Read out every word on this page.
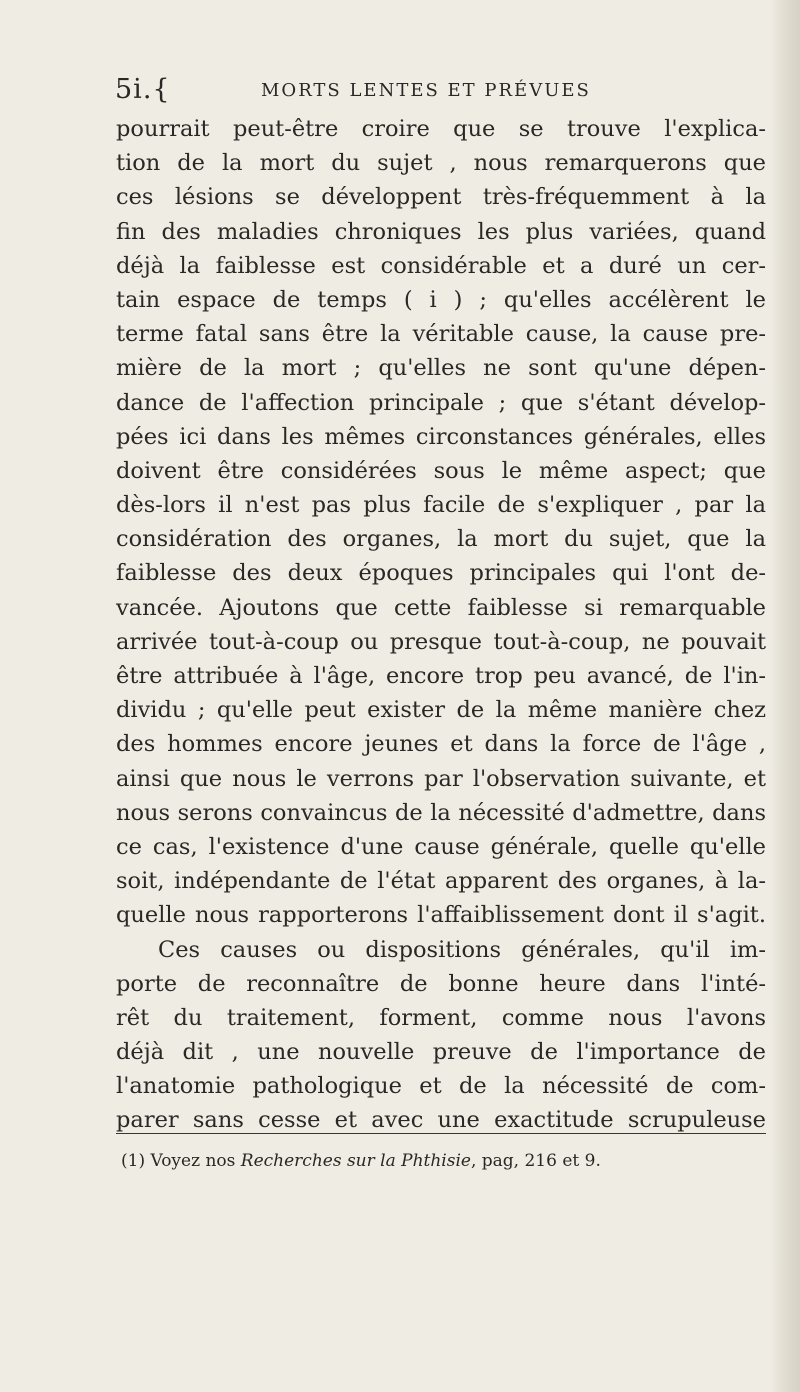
5i.{	MORTS LENTES ET PRÉVUES
pourrait peut-être croire que se trouve l'explica-
tion de la mort du sujet , nous remarquerons que
ces lésions se développent très-fréquemment à la
fin des maladies chroniques les plus variées, quand
déjà la faiblesse est considérable et a duré un cer-
tain espace de temps ( i ) ; qu'elles accélèrent le
terme fatal sans être la véritable cause, la cause pre-
mière de la mort ; qu'elles ne sont qu'une dépen-
dance de l'affection principale ; que s'étant dévelop-
pées ici dans les mêmes circonstances générales, elles
doivent être considérées sous le même aspect; que
dès-lors il n'est pas plus facile de s'expliquer , par la
considération des organes, la mort du sujet, que la
faiblesse des deux époques principales qui l'ont de-
vancée. Ajoutons que cette faiblesse si remarquable
arrivée tout-à-coup ou presque tout-à-coup, ne pouvait
être attribuée à l'âge, encore trop peu avancé, de l'in-
dividu ; qu'elle peut exister de la même manière chez
des hommes encore jeunes et dans la force de l'âge ,
ainsi que nous le verrons par l'observation suivante, et
nous serons convaincus de la nécessité d'admettre, dans
ce cas, l'existence d'une cause générale, quelle qu'elle
soit, indépendante de l'état apparent des organes, à la-
quelle nous rapporterons l'affaiblissement dont il s'agit.
Ces causes ou dispositions générales, qu'il im-
porte de reconnaître de bonne heure dans l'inté-
rêt du traitement, forment, comme nous l'avons
déjà dit , une nouvelle preuve de l'importance de
l'anatomie pathologique et de la nécessité de com-
parer sans cesse et avec une exactitude scrupuleuse
(1) Voyez nos Recherches sur la Phthisie, pag, 216 et 9.
